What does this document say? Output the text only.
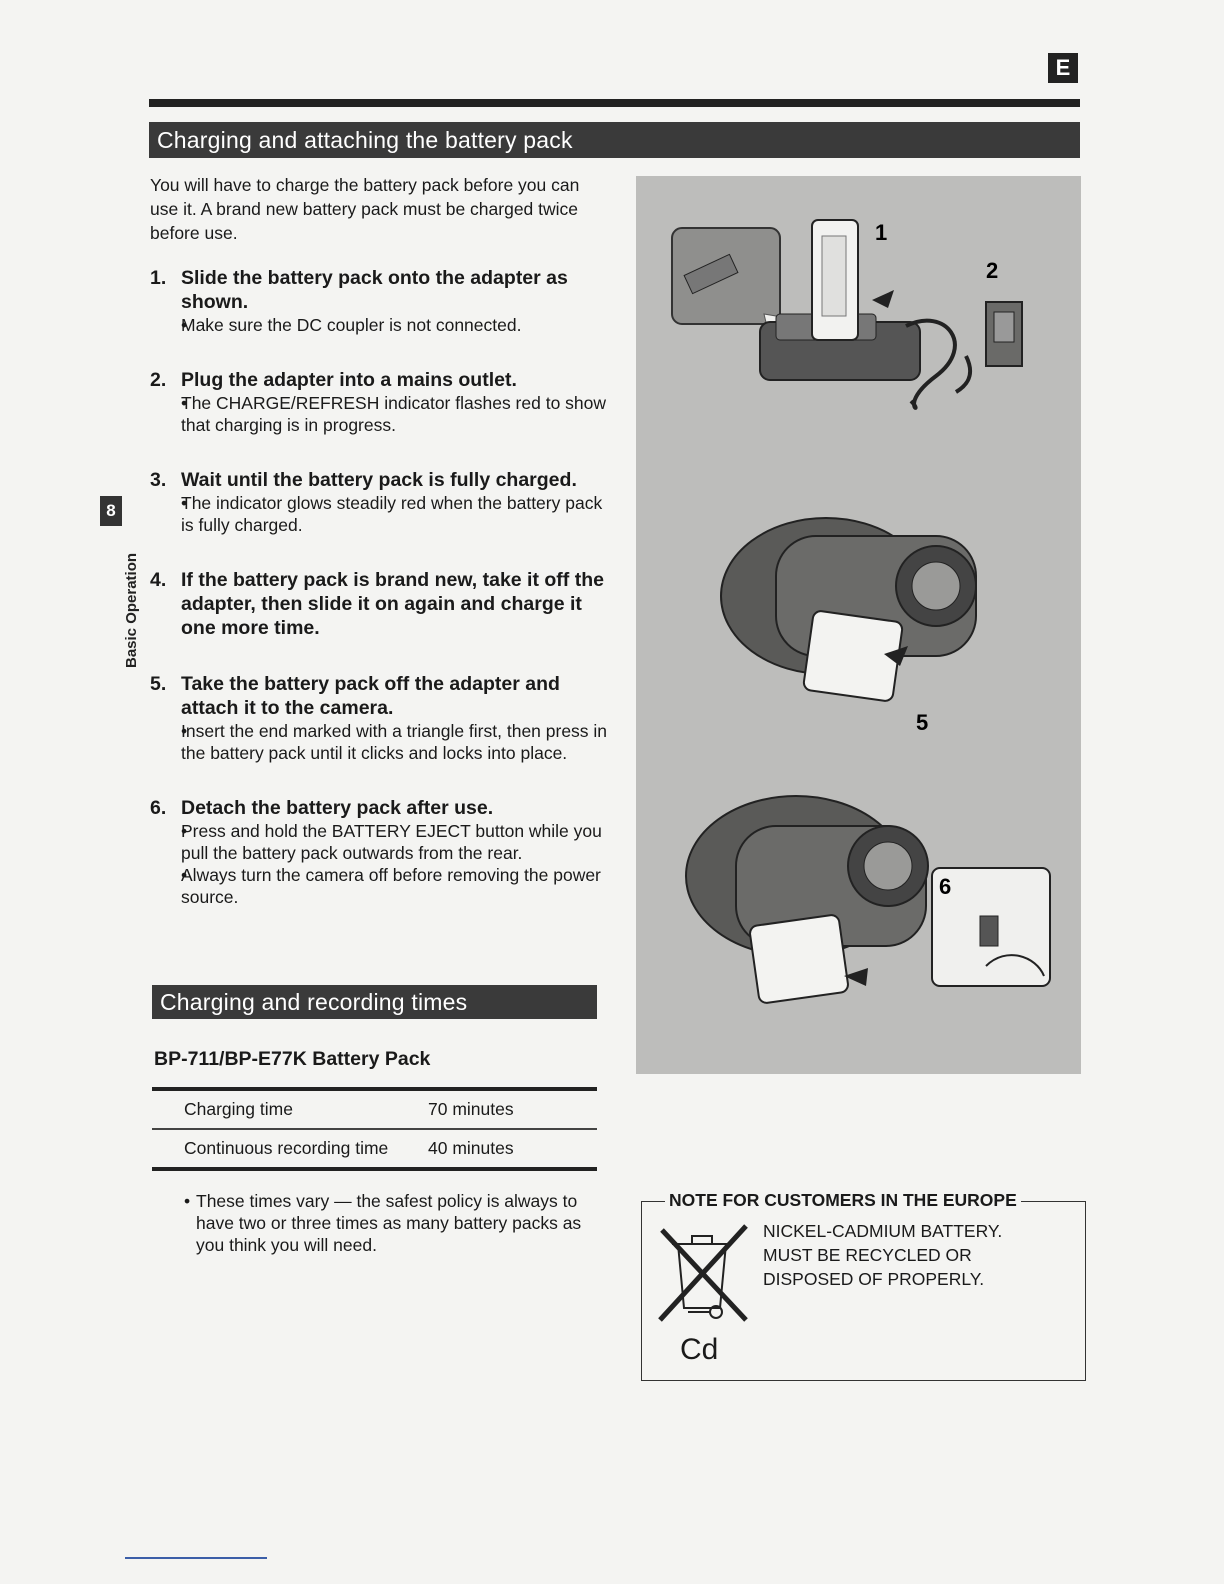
E
Charging and attaching the battery pack
You will have to charge the battery pack before you can use it. A brand new battery pack must be charged twice before use.
1. Slide the battery pack onto the adapter as shown.
• Make sure the DC coupler is not connected.
2. Plug the adapter into a mains outlet.
• The CHARGE/REFRESH indicator flashes red to show that charging is in progress.
3. Wait until the battery pack is fully charged.
• The indicator glows steadily red when the battery pack is fully charged.
4. If the battery pack is brand new, take it off the adapter, then slide it on again and charge it one more time.
5. Take the battery pack off the adapter and attach it to the camera.
• Insert the end marked with a triangle first, then press in the battery pack until it clicks and locks into place.
6. Detach the battery pack after use.
• Press and hold the BATTERY EJECT button while you pull the battery pack outwards from the rear.
• Always turn the camera off before removing the power source.
8
Basic Operation
1
2
5
6
Charging and recording times
BP-711/BP-E77K Battery Pack
Charging time	70 minutes
Continuous recording time	40 minutes
• These times vary — the safest policy is always to have two or three times as many battery packs as you think you will need.
NOTE FOR CUSTOMERS IN THE EUROPE
NICKEL-CADMIUM BATTERY.
MUST BE RECYCLED OR
DISPOSED OF PROPERLY.
Cd
